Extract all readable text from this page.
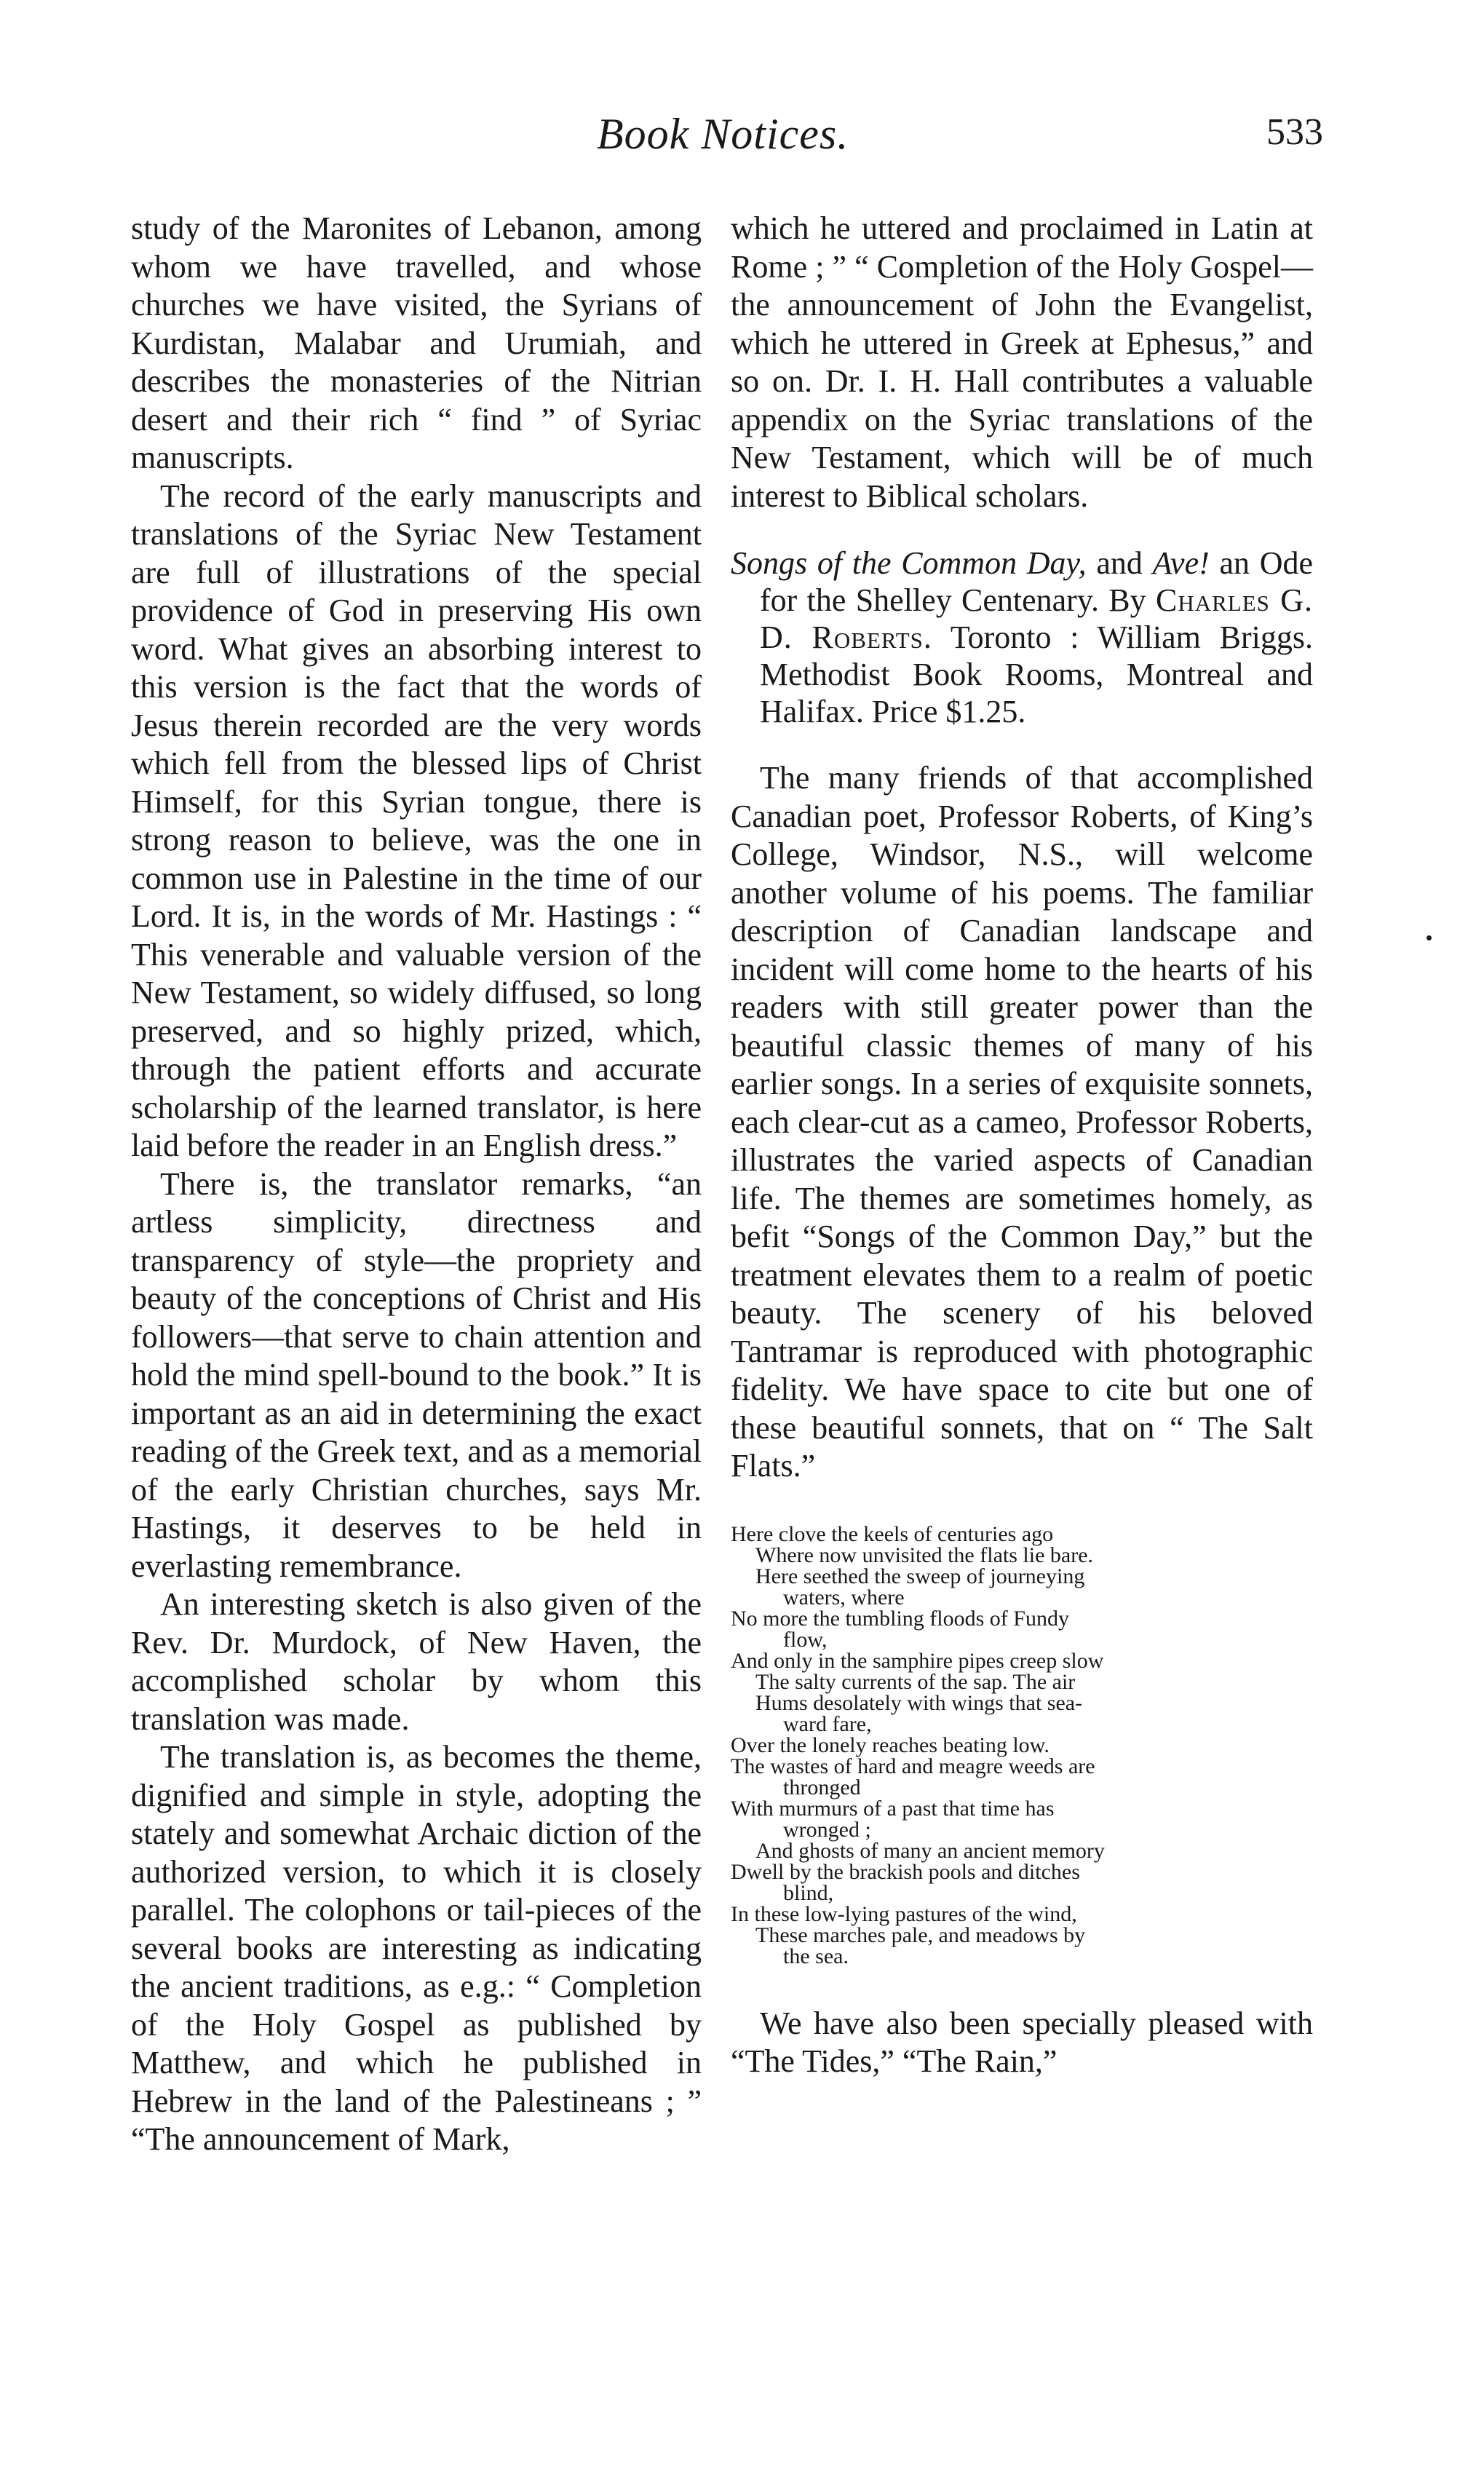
Book Notices.	533

study of the Maronites of Lebanon, among whom we have travelled, and whose churches we have visited, the Syrians of Kurdistan, Malabar and Urumiah, and describes the monasteries of the Nitrian desert and their rich “ find ” of Syriac manuscripts.

The record of the early manuscripts and translations of the Syriac New Testament are full of illustrations of the special providence of God in preserving His own word. What gives an absorbing interest to this version is the fact that the words of Jesus therein recorded are the very words which fell from the blessed lips of Christ Himself, for this Syrian tongue, there is strong reason to believe, was the one in common use in Palestine in the time of our Lord. It is, in the words of Mr. Hastings : “ This venerable and valuable version of the New Testament, so widely diffused, so long preserved, and so highly prized, which, through the patient efforts and accurate scholarship of the learned translator, is here laid before the reader in an English dress.”

There is, the translator remarks, “an artless simplicity, directness and transparency of style—the propriety and beauty of the conceptions of Christ and His followers—that serve to chain attention and hold the mind spell-bound to the book.” It is important as an aid in determining the exact reading of the Greek text, and as a memorial of the early Christian churches, says Mr. Hastings, it deserves to be held in everlasting remembrance.

An interesting sketch is also given of the Rev. Dr. Murdock, of New Haven, the accomplished scholar by whom this translation was made.

The translation is, as becomes the theme, dignified and simple in style, adopting the stately and somewhat Archaic diction of the authorized version, to which it is closely parallel. The colophons or tail-pieces of the several books are interesting as indicating the ancient traditions, as e.g.: “ Completion of the Holy Gospel as published by Matthew, and which he published in Hebrew in the land of the Palestineans ; ” “The announcement of Mark,

which he uttered and proclaimed in Latin at Rome ; ” “ Completion of the Holy Gospel—the announcement of John the Evangelist, which he uttered in Greek at Ephesus,” and so on. Dr. I. H. Hall contributes a valuable appendix on the Syriac translations of the New Testament, which will be of much interest to Biblical scholars.

Songs of the Common Day, and Ave! an Ode for the Shelley Centenary. By Charles G. D. Roberts. Toronto : William Briggs. Methodist Book Rooms, Montreal and Halifax. Price $1.25.

The many friends of that accomplished Canadian poet, Professor Roberts, of King’s College, Windsor, N.S., will welcome another volume of his poems. The familiar description of Canadian landscape and incident will come home to the hearts of his readers with still greater power than the beautiful classic themes of many of his earlier songs. In a series of exquisite sonnets, each clear-cut as a cameo, Professor Roberts, illustrates the varied aspects of Canadian life. The themes are sometimes homely, as befit “Songs of the Common Day,” but the treatment elevates them to a realm of poetic beauty. The scenery of his beloved Tantramar is reproduced with photographic fidelity. We have space to cite but one of these beautiful sonnets, that on “ The Salt Flats.”

Here clove the keels of centuries ago
Where now unvisited the flats lie bare.
Here seethed the sweep of journeying
waters, where
No more the tumbling floods of Fundy
flow,
And only in the samphire pipes creep slow
The salty currents of the sap. The air
Hums desolately with wings that sea-
ward fare,
Over the lonely reaches beating low.
The wastes of hard and meagre weeds are
thronged
With murmurs of a past that time has
wronged ;
And ghosts of many an ancient memory
Dwell by the brackish pools and ditches
blind,
In these low-lying pastures of the wind,
These marches pale, and meadows by
the sea.

We have also been specially pleased with “The Tides,” “The Rain,”
